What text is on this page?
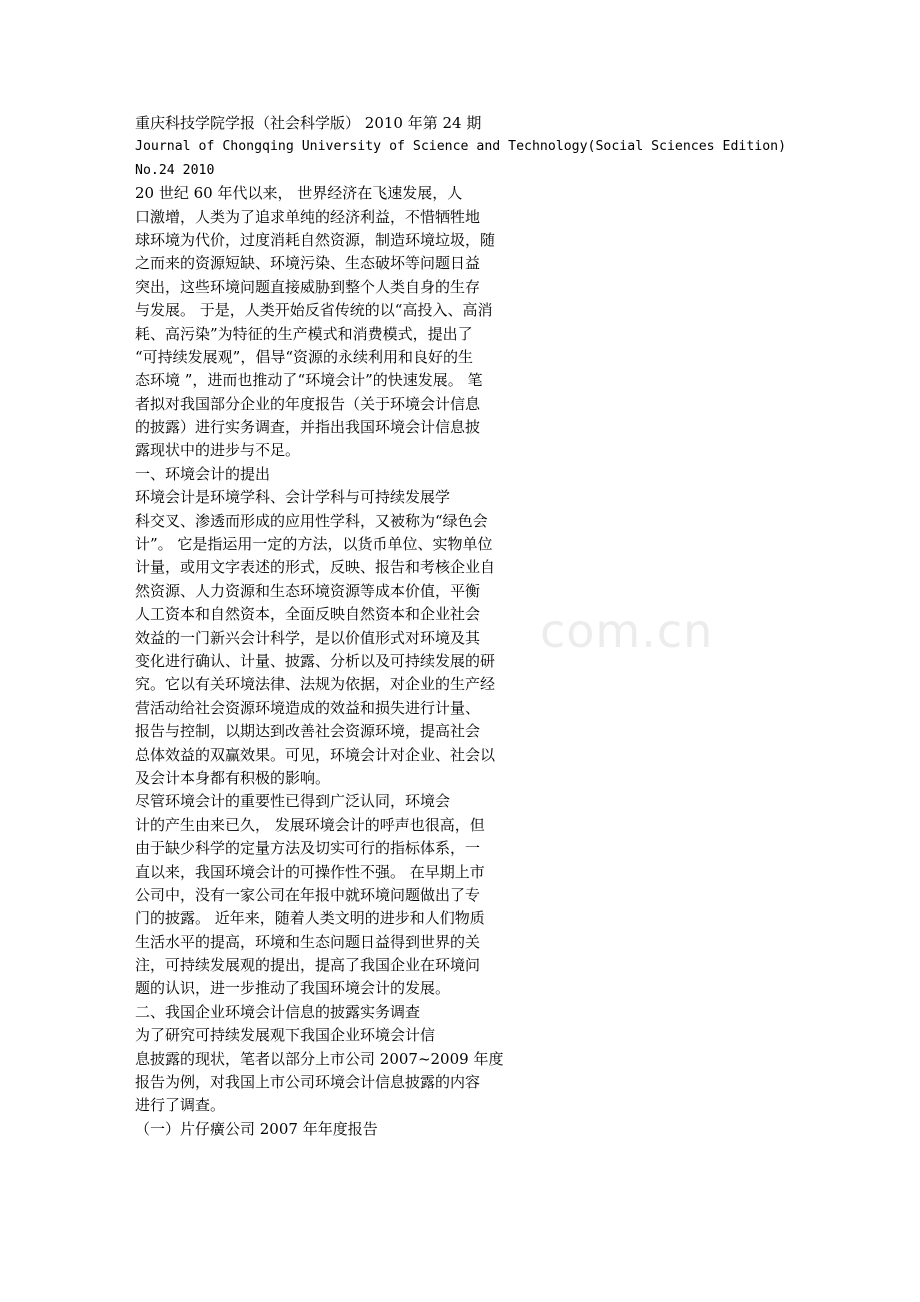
com.cn
重庆科技学院学报（社会科学版） 2010 年第 24 期
Journal of Chongqing University of Science and Technology(Social Sciences Edition)
No.24 2010
20 世纪 60 年代以来， 世界经济在飞速发展，人
口激增，人类为了追求单纯的经济利益，不惜牺牲地
球环境为代价，过度消耗自然资源，制造环境垃圾，随
之而来的资源短缺、环境污染、生态破坏等问题日益
突出，这些环境问题直接威胁到整个人类自身的生存
与发展。 于是，人类开始反省传统的以“高投入、高消
耗、高污染”为特征的生产模式和消费模式，提出了
“可持续发展观”，倡导“资源的永续利用和良好的生
态环境 ”，进而也推动了“环境会计”的快速发展。 笔
者拟对我国部分企业的年度报告（关于环境会计信息
的披露）进行实务调查，并指出我国环境会计信息披
露现状中的进步与不足。
一、环境会计的提出
环境会计是环境学科、会计学科与可持续发展学
科交叉、渗透而形成的应用性学科，又被称为“绿色会
计”。 它是指运用一定的方法，以货币单位、实物单位
计量，或用文字表述的形式，反映、报告和考核企业自
然资源、人力资源和生态环境资源等成本价值，平衡
人工资本和自然资本，全面反映自然资本和企业社会
效益的一门新兴会计科学，是以价值形式对环境及其
变化进行确认、计量、披露、分析以及可持续发展的研
究。它以有关环境法律、法规为依据，对企业的生产经
营活动给社会资源环境造成的效益和损失进行计量、
报告与控制，以期达到改善社会资源环境，提高社会
总体效益的双赢效果。可见，环境会计对企业、社会以
及会计本身都有积极的影响。
尽管环境会计的重要性已得到广泛认同，环境会
计的产生由来已久， 发展环境会计的呼声也很高，但
由于缺少科学的定量方法及切实可行的指标体系，一
直以来，我国环境会计的可操作性不强。 在早期上市
公司中，没有一家公司在年报中就环境问题做出了专
门的披露。 近年来，随着人类文明的进步和人们物质
生活水平的提高，环境和生态问题日益得到世界的关
注，可持续发展观的提出，提高了我国企业在环境问
题的认识，进一步推动了我国环境会计的发展。
二、我国企业环境会计信息的披露实务调查
为了研究可持续发展观下我国企业环境会计信
息披露的现状，笔者以部分上市公司 2007~2009 年度
报告为例，对我国上市公司环境会计信息披露的内容
进行了调查。
（一）片仔癀公司 2007 年年度报告
